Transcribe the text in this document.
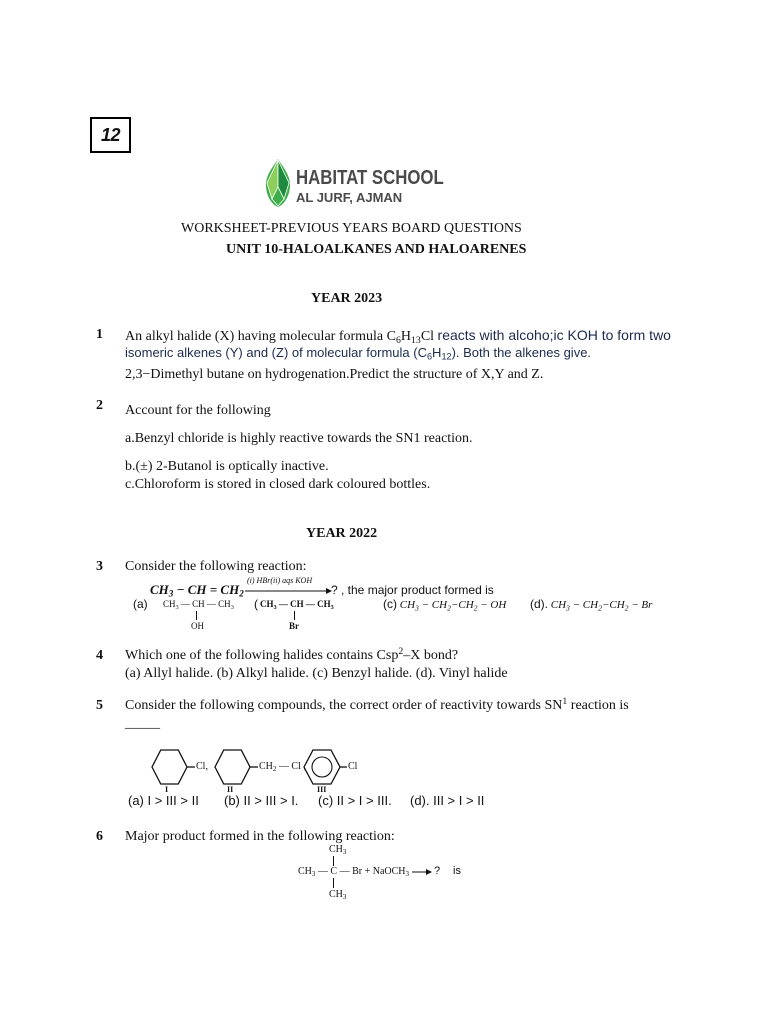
12
HABITAT SCHOOL
AL JURF, AJMAN
WORKSHEET-PREVIOUS YEARS BOARD QUESTIONS
UNIT 10-HALOALKANES AND HALOARENES
YEAR 2023
1 An alkyl halide (X) having molecular formula $C_6H_{13}Cl$ reacts with alcoho;ic KOH to form two
isomeric alkenes (Y) and (Z) of molecular formula $(C_6H_{12})$. Both the alkenes give.
2,3−Dimethyl butane on hydrogenation.Predict the structure of X,Y and Z.
2 Account for the following
a.Benzyl chloride is highly reactive towards the SN1 reaction.
b.(±) 2-Butanol is optically inactive.
c.Chloroform is stored in closed dark coloured bottles.
YEAR 2022
3 Consider the following reaction:
$CH_3$ − CH = $CH_2$
(i) HBr(ii) aqs KOH
? , the major product formed is
(a) $CH_3$ — CH — $CH_3$
OH
( $CH_3$ — CH — $CH_3$
Br
(c) $CH_3 - CH_2-CH_2$ − OH (d). $CH_3 - CH_2-CH_2 - Br$
4 Which one of the following halides contains Csp$^2$–X bond?
(a) Allyl halide. (b) Alkyl halide. (c) Benzyl halide. (d). Vinyl halide
5 Consider the following compounds, the correct order of reactivity towards $SN^1$ reaction is
_____
Cl,	$CH_2$ — Cl ,	Cl
I	II	III
(a) I > III > II (b) II > III > I. (c) II > I > III. (d). III > I > II
6 Major product formed in the following reaction:
$CH_3$
$CH_3$ — C — Br + NaOCH$_3$ → ? is
$CH_3$
